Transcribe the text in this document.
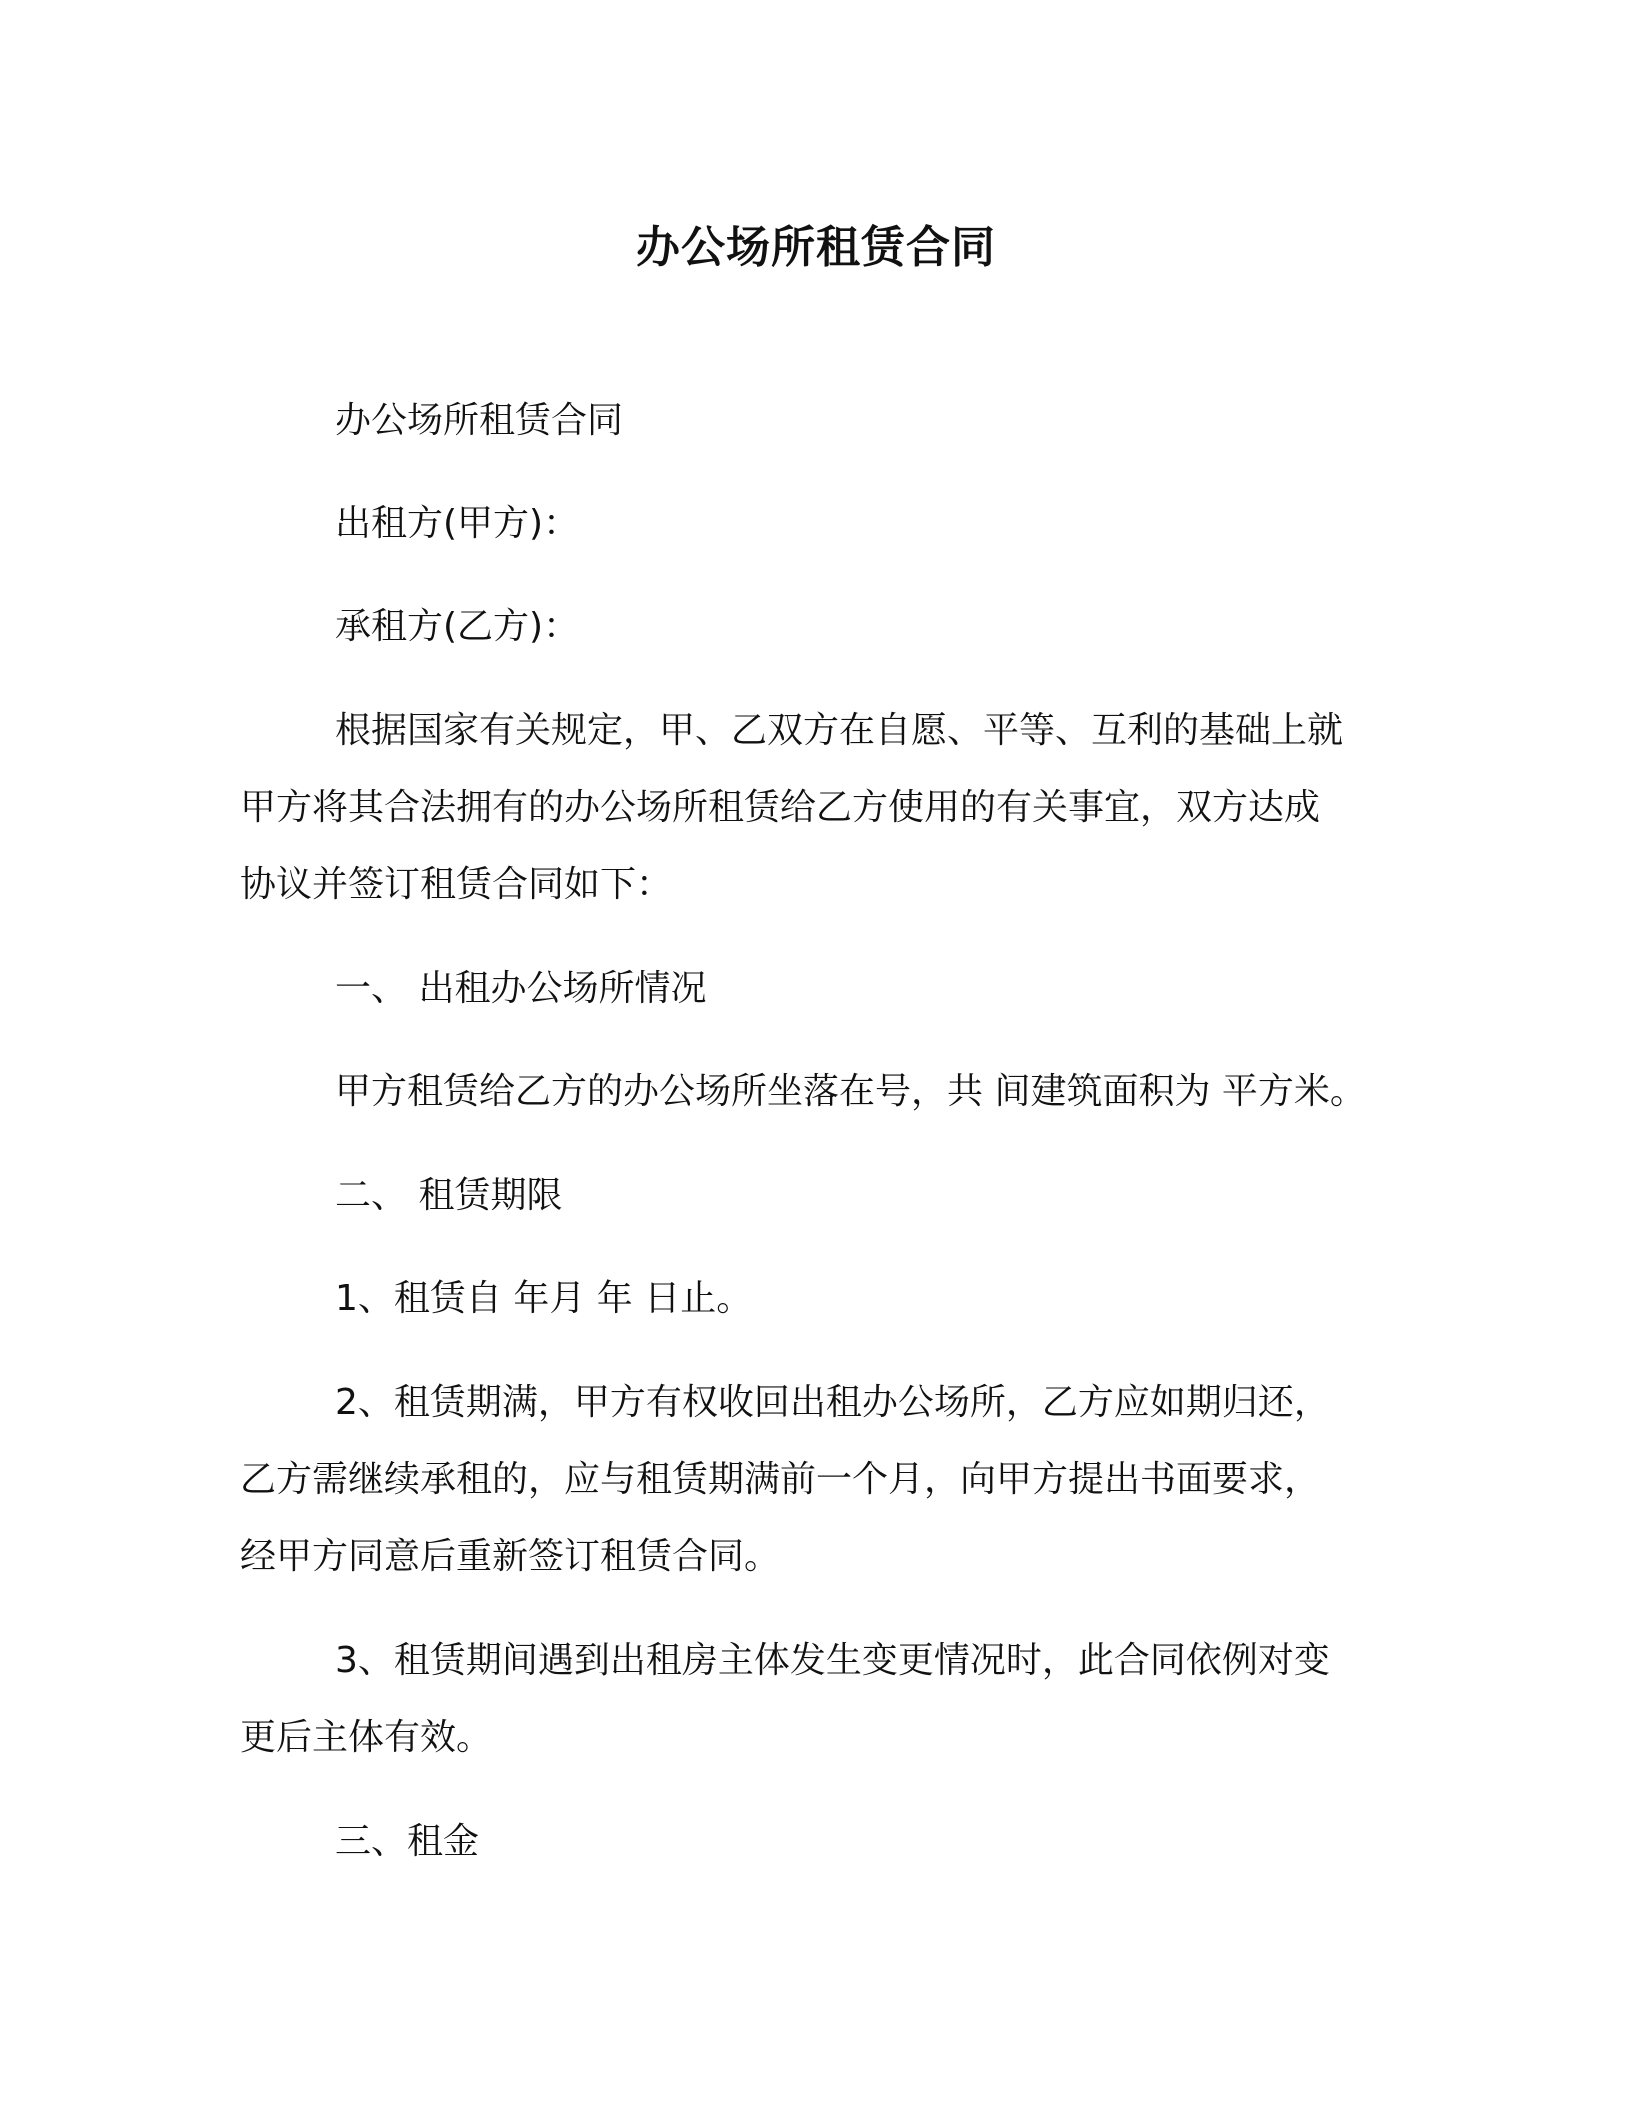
办公场所租赁合同

办公场所租赁合同

出租方(甲方)：

承租方(乙方)：

根据国家有关规定，甲、乙双方在自愿、平等、互利的基础上就

甲方将其合法拥有的办公场所租赁给乙方使用的有关事宜，双方达成

协议并签订租赁合同如下：

一、 出租办公场所情况

甲方租赁给乙方的办公场所坐落在号，共 间建筑面积为 平方米。

二、 租赁期限

1、租赁自 年月 年 日止。

2、租赁期满，甲方有权收回出租办公场所，乙方应如期归还，

乙方需继续承租的，应与租赁期满前一个月，向甲方提出书面要求，

经甲方同意后重新签订租赁合同。

3、租赁期间遇到出租房主体发生变更情况时，此合同依例对变

更后主体有效。

三、租金
